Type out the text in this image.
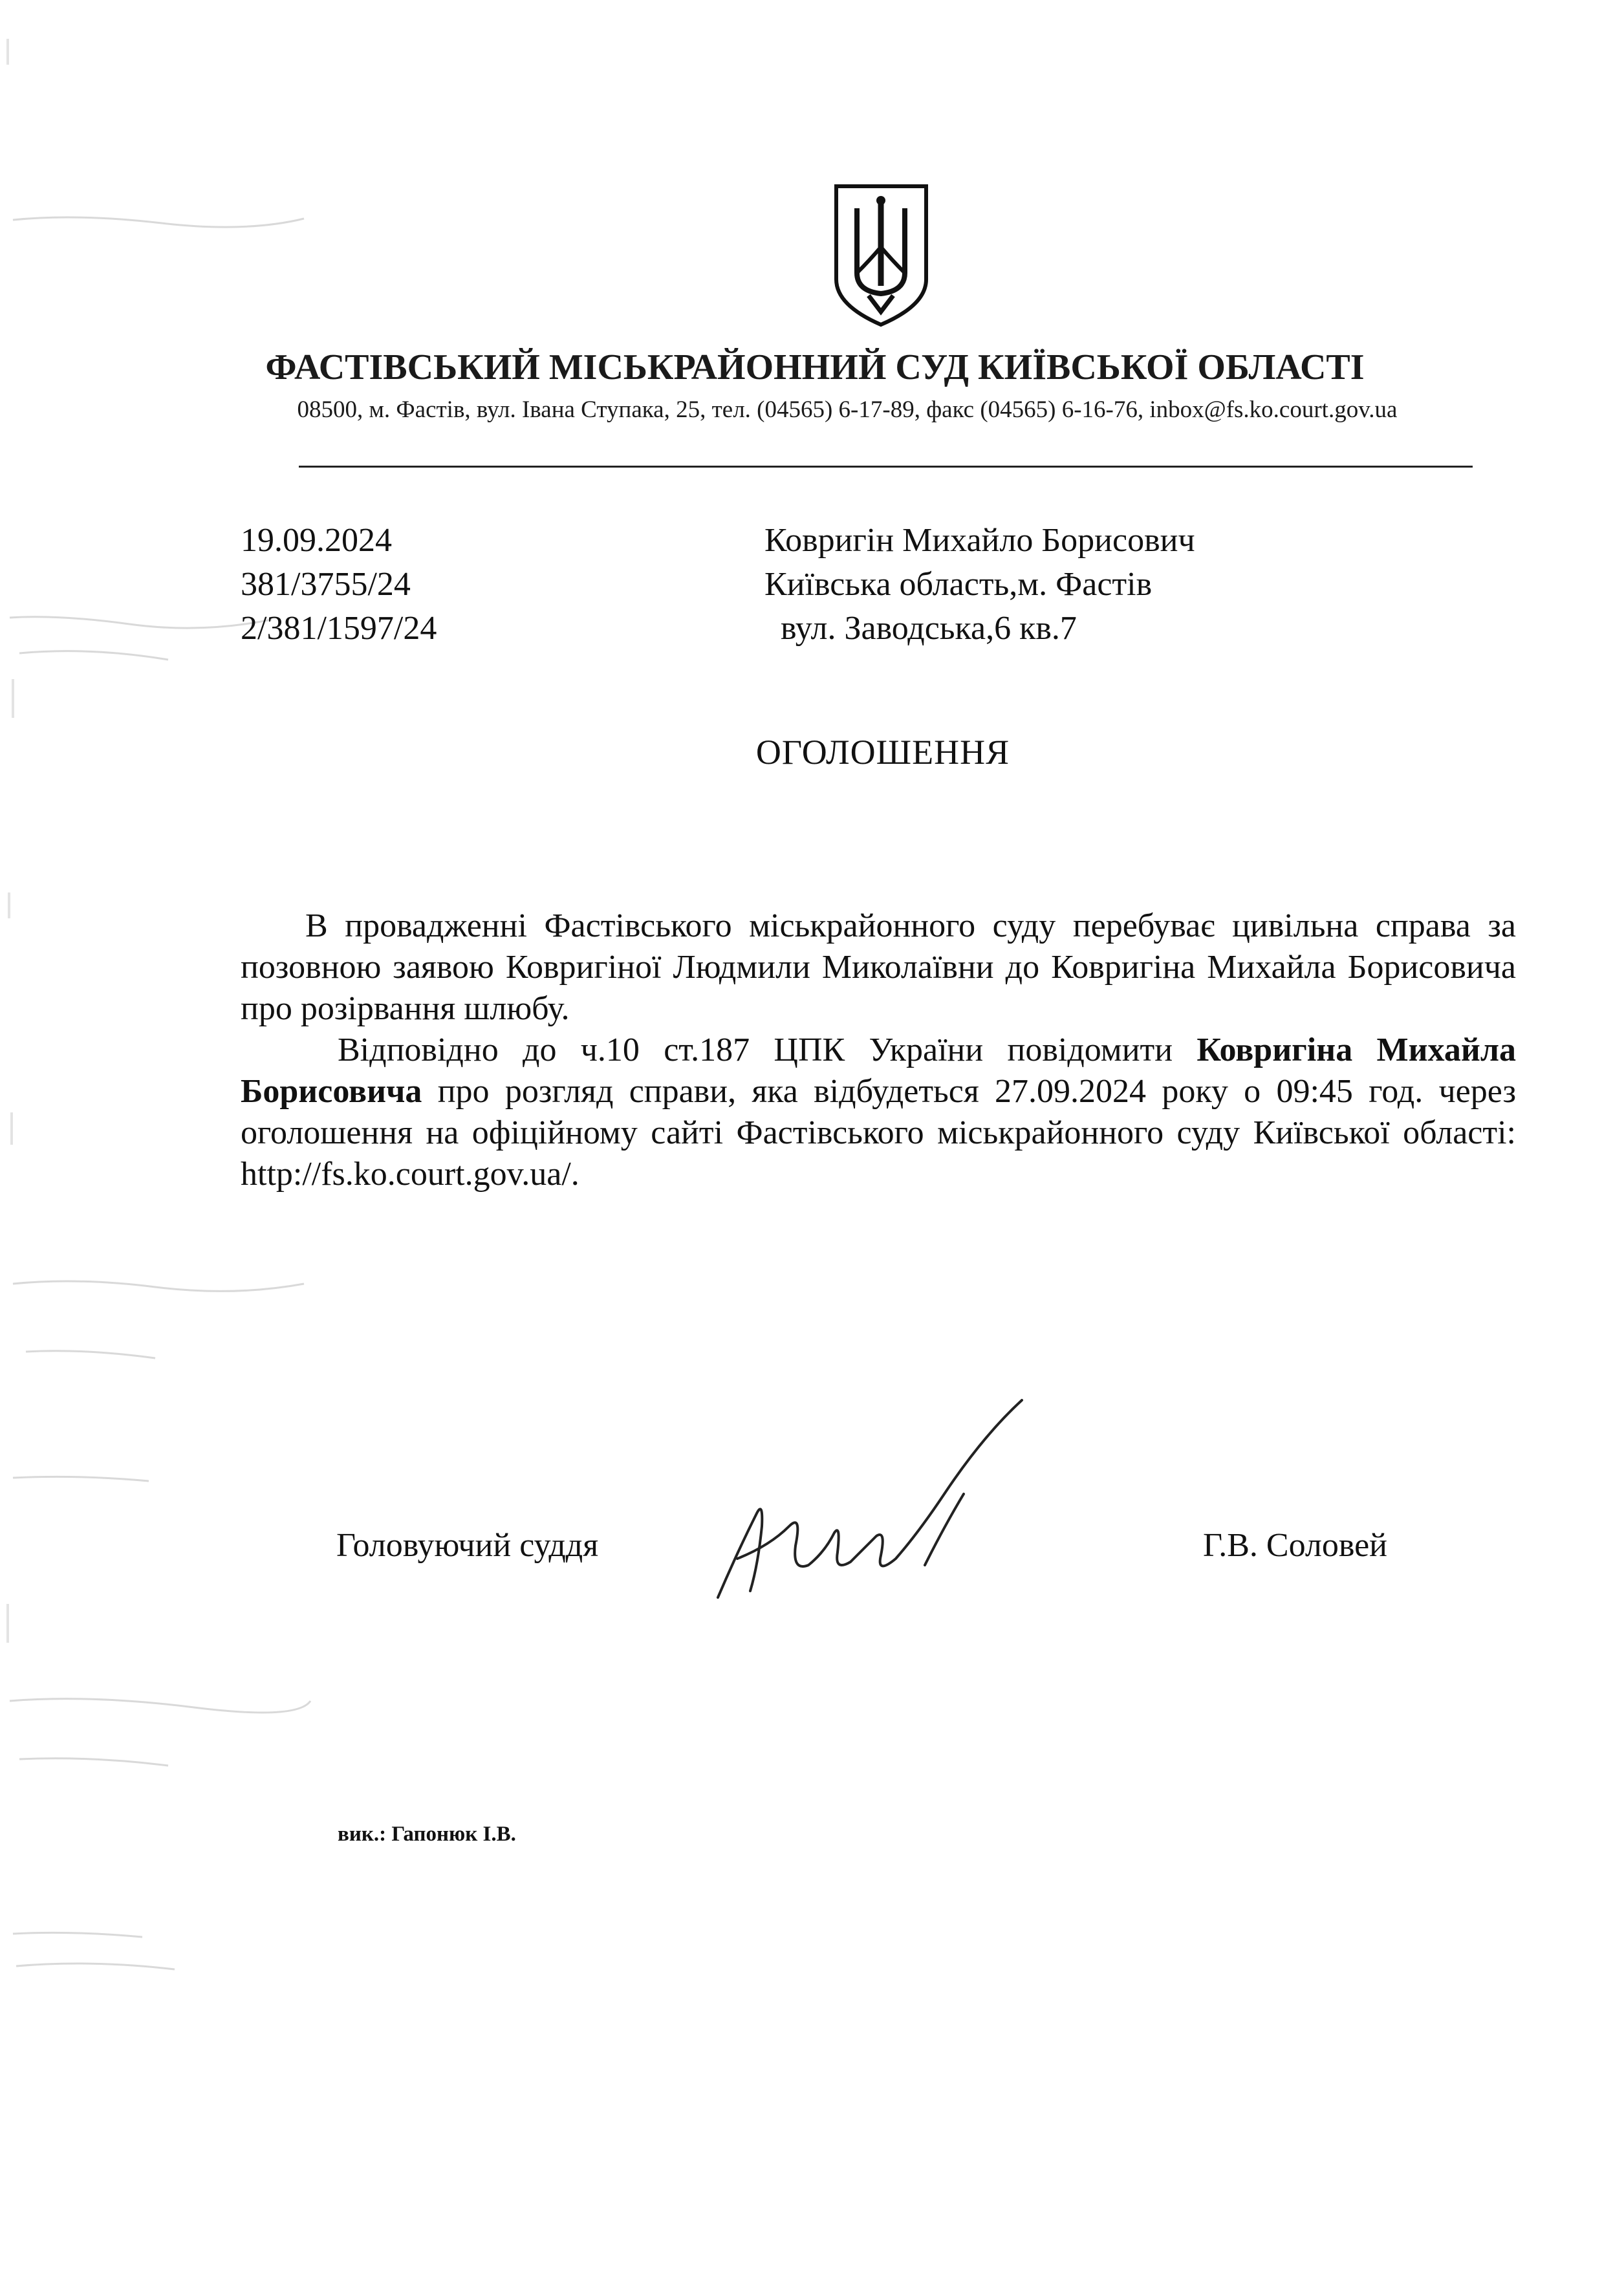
ФАСТІВСЬКИЙ МІСЬКРАЙОННИЙ СУД КИЇВСЬКОЇ ОБЛАСТІ
08500, м. Фастів, вул. Івана Ступака, 25, тел. (04565) 6-17-89, факс (04565) 6-16-76, inbox@fs.ko.court.gov.ua
19.09.2024
381/3755/24
2/381/1597/24
Ковригін Михайло Борисович
Київська область,м. Фастів
вул. Заводська,6 кв.7
ОГОЛОШЕННЯ

В провадженні Фастівського міськрайонного суду перебуває цивільна справа за позовною заявою Ковригіної Людмили Миколаївни до Ковригіна Михайла Борисовича про розірвання шлюбу.

Відповідно до ч.10 ст.187 ЦПК України повідомити Ковригіна Михайла Борисовича про розгляд справи, яка відбудеться 27.09.2024 року о 09:45 год. через оголошення на офіційному сайті Фастівського міськрайонного суду Київської області: http://fs.ko.court.gov.ua/.

Головуючий суддя	Г.В. Соловей
вик.: Гапонюк І.В.
